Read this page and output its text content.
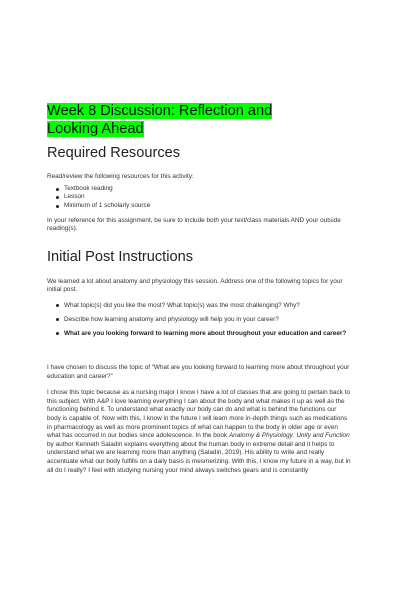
Week 8 Discussion: Reflection and
Looking Ahead
Required Resources

Read/review the following resources for this activity:

Textbook reading
Lesson
Minimum of 1 scholarly source

In your reference for this assignment, be sure to include both your text/class materials AND your outside reading(s).

Initial Post Instructions

We learned a lot about anatomy and physiology this session. Address one of the following topics for your initial post.

What topic(s) did you like the most? What topic(s) was the most challenging? Why?
Describe how learning anatomy and physiology will help you in your career?
What are you looking forward to learning more about throughout your education and career?

I have chosen to discuss the topic of “What are you looking forward to learning more about throughout your education and career?”

I chose this topic because as a nursing major I know I have a lot of classes that are going to pertain back to this subject. With A&P I love learning everything I can about the body and what makes it up as well as the functioning behind it. To understand what exactly our body can do and what is behind the functions our body is capable of. Now with this, I know in the future I will learn more in-depth things such as medications in pharmacology as well as more prominent topics of what can happen to the body in older age or even what has occurred in our bodies since adolescence. In the book Anatomy & Physiology: Unity and Function by author Kenneth Saladin explains everything about the human body in extreme detail and it helps to understand what we are learning more than anything (Saladin, 2019). His ability to write and really accentuate what our body fulfills on a daily basis is mesmerizing. With this, I know my future in a way, but in all do I really? I feel with studying nursing your mind always switches gears and is constantly
